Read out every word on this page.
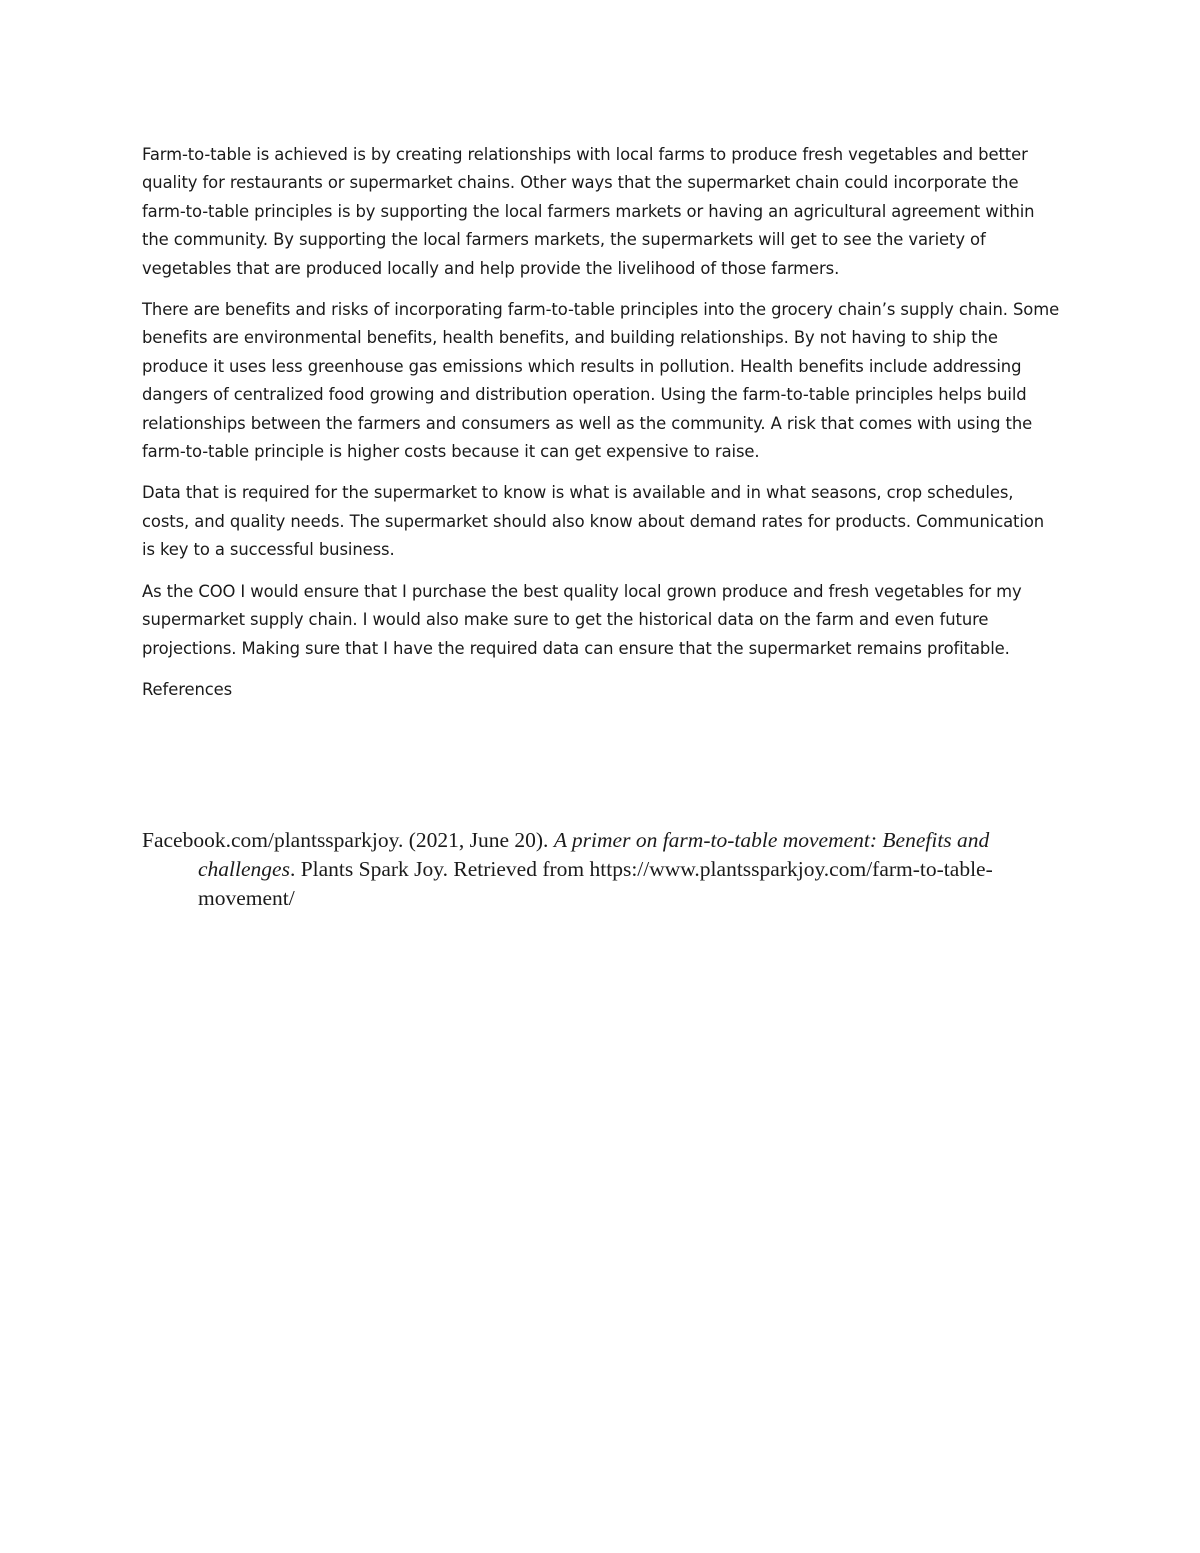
Farm-to-table is achieved is by creating relationships with local farms to produce fresh vegetables and better quality for restaurants or supermarket chains. Other ways that the supermarket chain could incorporate the farm-to-table principles is by supporting the local farmers markets or having an agricultural agreement within the community. By supporting the local farmers markets, the supermarkets will get to see the variety of vegetables that are produced locally and help provide the livelihood of those farmers.

There are benefits and risks of incorporating farm-to-table principles into the grocery chain’s supply chain. Some benefits are environmental benefits, health benefits, and building relationships. By not having to ship the produce it uses less greenhouse gas emissions which results in pollution. Health benefits include addressing dangers of centralized food growing and distribution operation. Using the farm-to-table principles helps build relationships between the farmers and consumers as well as the community. A risk that comes with using the farm-to-table principle is higher costs because it can get expensive to raise.

Data that is required for the supermarket to know is what is available and in what seasons, crop schedules, costs, and quality needs. The supermarket should also know about demand rates for products. Communication is key to a successful business.

As the COO I would ensure that I purchase the best quality local grown produce and fresh vegetables for my supermarket supply chain. I would also make sure to get the historical data on the farm and even future projections. Making sure that I have the required data can ensure that the supermarket remains profitable.

References

Facebook.com/plantssparkjoy. (2021, June 20). A primer on farm-to-table movement: Benefits and challenges. Plants Spark Joy. Retrieved from https://www.plantssparkjoy.com/farm-to-table-movement/
